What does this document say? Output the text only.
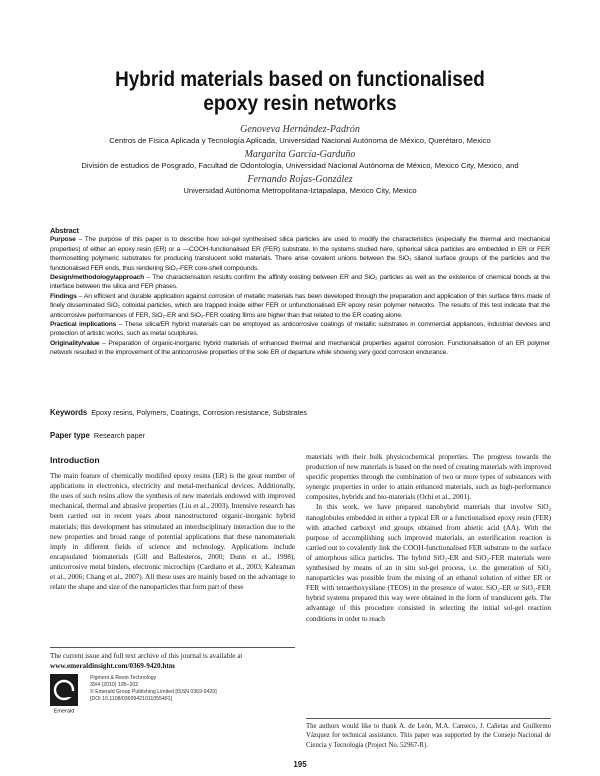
Hybrid materials based on functionalised
epoxy resin networks
Genoveva Hernández-Padrón
Centros de Física Aplicada y Tecnología Aplicada, Universidad Nacional Autónoma de México, Querétaro, Mexico
Margarita García-Garduño
División de estudios de Posgrado, Facultad de Odontología, Universidad Nacional Autónoma de México, Mexico City, Mexico, and
Fernando Rojas-González
Universidad Autónoma Metropolitana-Iztapalapa, Mexico City, Mexico
Abstract

Purpose – The purpose of this paper is to describe how sol-gel synthesised silica particles are used to modify the characteristics (especially the thermal and mechanical properties) of either an epoxy resin (ER) or a —COOH-functionalised ER (FER) substrate. In the systems studied here, spherical silica particles are embedded in ER or FER thermosetting polymeric substrates for producing translucent solid materials. There arise covalent unions between the SiO₂ silanol surface groups of the particles and the functionalised FER ends, thus rendering SiO₂-FER core-shell compounds.

Design/methodology/approach – The characterisation results confirm the affinity existing between ER and SiO₂ particles as well as the existence of chemical bonds at the interface between the silica and FER phases.

Findings – An efficient and durable application against corrosion of metallic materials has been developed through the preparation and application of thin surface films made of finely disseminated SiO₂ colloidal particles, which are trapped inside either FER or unfunctionalised ER epoxy resin polymer networks. The results of this test indicate that the anticorrosive performances of FER, SiO₂-ER and SiO₂-FER coating films are higher than that related to the ER coating alone.

Practical implications – These silica/ER hybrid materials can be employed as anticorrosive coatings of metallic substrates in commercial appliances, industrial devices and protection of artistic works, such as metal sculptures.

Originality/value – Preparation of organic-inorganic hybrid materials of enhanced thermal and mechanical properties against corrosion. Functionalisation of an ER polymer network resulted in the improvement of the anticorrosive properties of the sole ER of departure while showing very good corrosion endurance.

Keywords Epoxy resins, Polymers, Coatings, Corrosion resistance, Substrates
Paper type Research paper
Introduction

The main feature of chemically modified epoxy resins (ER) is the great number of applications in electronics, electricity and metal-mechanical devices. Additionally, the uses of such resins allow the synthesis of new materials endowed with improved mechanical, thermal and abrasive properties (Liu et al., 2003). Intensive research has been carried out in recent years about nanostructured organic-inorganic hybrid materials; this development has stimulated an interdisciplinary interaction due to the new properties and broad range of potential applications that these nanomaterials imply in different fields of science and technology. Applications include encapsulated biomaterials (Gill and Ballesteros, 2000; Dunn et al., 1998), anticorrosive metal binders, electronic microchips (Cardiano et al., 2003; Kahraman et al., 2006; Chang et al., 2007). All these uses are mainly based on the advantage to relate the shape and size of the nanoparticles that form part of these

materials with their bulk physicochemical properties. The progress towards the production of new materials is based on the need of creating materials with improved specific properties through the combination of two or more types of substances with synergic properties in order to attain enhanced materials, such as high-performance composites, hybrids and bio-materials (Ochi et al., 2001).

In this work, we have prepared nanohybrid materials that involve SiO₂ nanoglobules embedded in either a typical ER or a functionalised epoxy resin (FER) with attached carboxyl end groups obtained from abietic acid (AA). With the purpose of accomplishing such improved materials, an esterification reaction is carried out to covalently link the COOH-functionalised FER substrate to the surface of amorphous silica particles. The hybrid SiO₂-ER and SiO₂-FER materials were synthesised by means of an in situ sol-gel process, i.e. the generation of SiO₂ nanoparticles was possible from the mixing of an ethanol solution of either ER or FER with tetraethoxysilane (TEOS) in the presence of water. SiO₂-ER or SiO₂-FER hybrid systems prepared this way were obtained in the form of translucent gels. The advantage of this procedure consisted in selecting the initial sol-gel reaction conditions in order to reach

The current issue and full text archive of this journal is available at
www.emeraldinsight.com/0369-9420.htm
Emerald
Pigment & Resin Technology
39/4 (2010) 195–202
© Emerald Group Publishing Limited [ISSN 0369-9420]
[DOI 10.1108/03699421011055491]
The authors would like to thank A. de León, M.A. Canseco, J. Cañetas and Guillermo Vázquez for technical assistance. This paper was supported by the Consejo Nacional de Ciencia y Tecnología (Project No. 52967-R).
195
